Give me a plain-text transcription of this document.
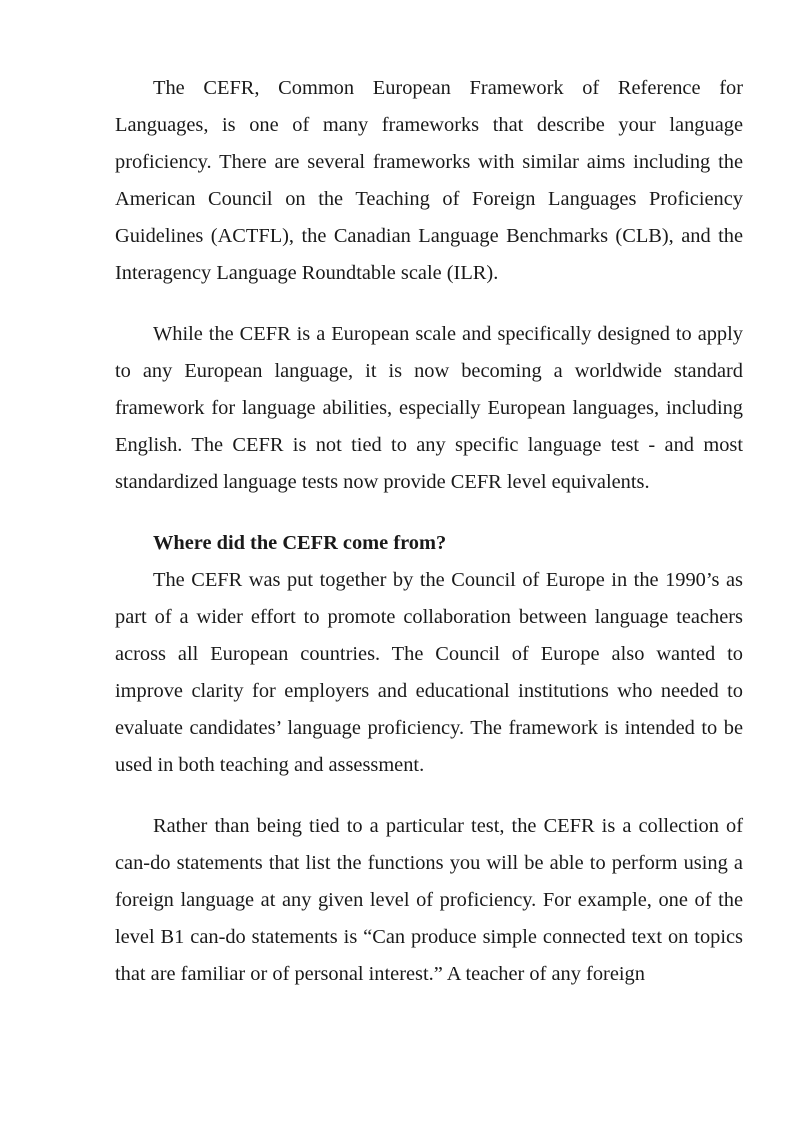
The CEFR, Common European Framework of Reference for Languages, is one of many frameworks that describe your language proficiency. There are several frameworks with similar aims including the American Council on the Teaching of Foreign Languages Proficiency Guidelines (ACTFL), the Canadian Language Benchmarks (CLB), and the Interagency Language Roundtable scale (ILR).

While the CEFR is a European scale and specifically designed to apply to any European language, it is now becoming a worldwide standard framework for language abilities, especially European languages, including English. The CEFR is not tied to any specific language test - and most standardized language tests now provide CEFR level equivalents.

Where did the CEFR come from?

The CEFR was put together by the Council of Europe in the 1990’s as part of a wider effort to promote collaboration between language teachers across all European countries. The Council of Europe also wanted to improve clarity for employers and educational institutions who needed to evaluate candidates’ language proficiency. The framework is intended to be used in both teaching and assessment.

Rather than being tied to a particular test, the CEFR is a collection of can-do statements that list the functions you will be able to perform using a foreign language at any given level of proficiency. For example, one of the level B1 can-do statements is “Can produce simple connected text on topics that are familiar or of personal interest.” A teacher of any foreign
